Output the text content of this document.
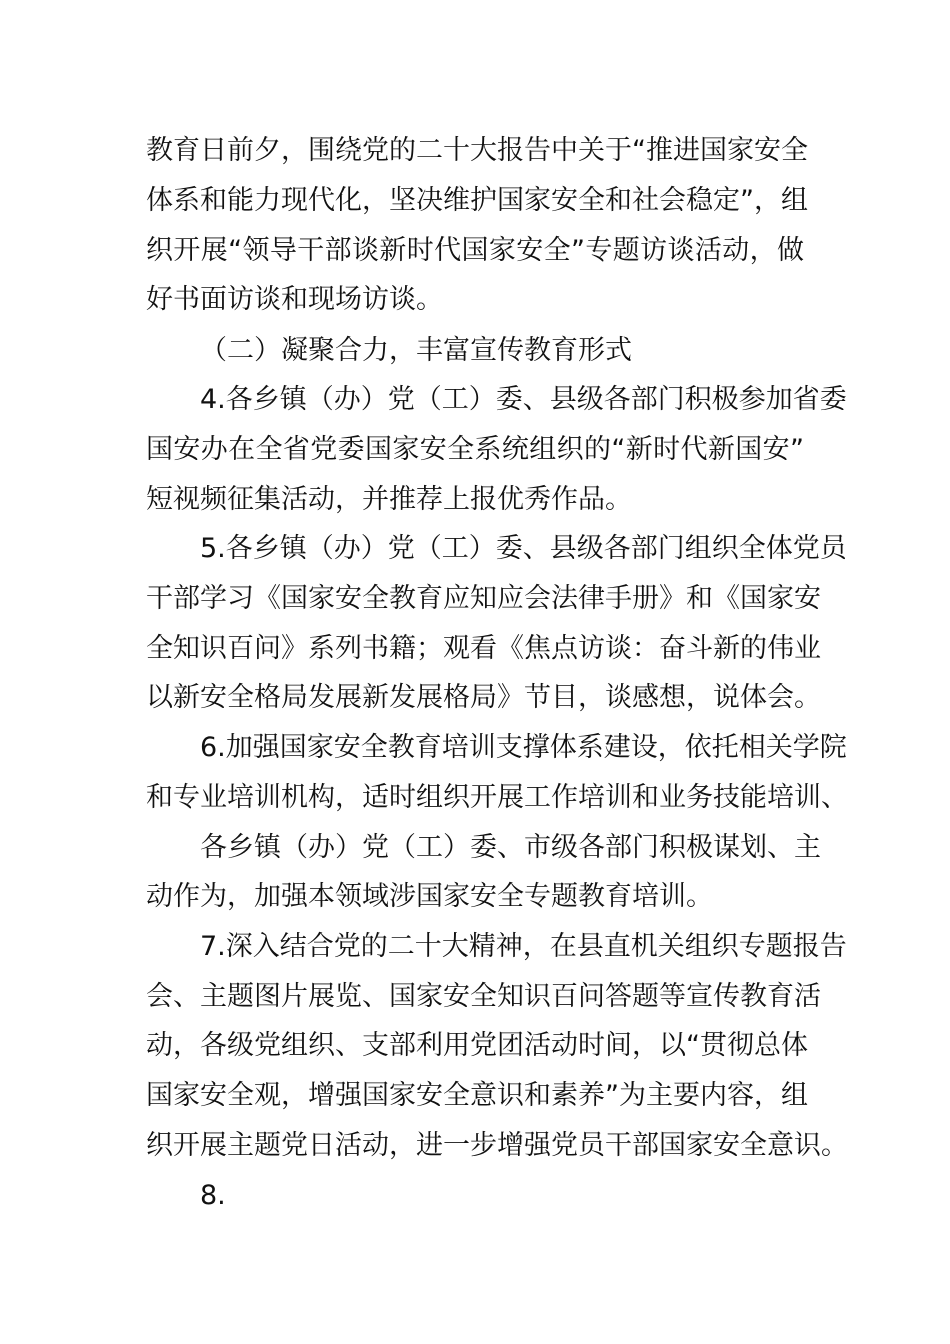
教育日前夕，围绕党的二十大报告中关于“推进国家安全
体系和能力现代化，坚决维护国家安全和社会稳定”，组
织开展“领导干部谈新时代国家安全”专题访谈活动，做
好书面访谈和现场访谈。
（二）凝聚合力，丰富宣传教育形式
4.各乡镇（办）党（工）委、县级各部门积极参加省委
国安办在全省党委国家安全系统组织的“新时代新国安”
短视频征集活动，并推荐上报优秀作品。
5.各乡镇（办）党（工）委、县级各部门组织全体党员
干部学习《国家安全教育应知应会法律手册》和《国家安
全知识百问》系列书籍；观看《焦点访谈：奋斗新的伟业
以新安全格局发展新发展格局》节目，谈感想，说体会。
6.加强国家安全教育培训支撑体系建设，依托相关学院
和专业培训机构，适时组织开展工作培训和业务技能培训、
各乡镇（办）党（工）委、市级各部门积极谋划、主
动作为，加强本领域涉国家安全专题教育培训。
7.深入结合党的二十大精神，在县直机关组织专题报告
会、主题图片展览、国家安全知识百问答题等宣传教育活
动，各级党组织、支部利用党团活动时间，以“贯彻总体
国家安全观，增强国家安全意识和素养”为主要内容，组
织开展主题党日活动，进一步增强党员干部国家安全意识。
8.
